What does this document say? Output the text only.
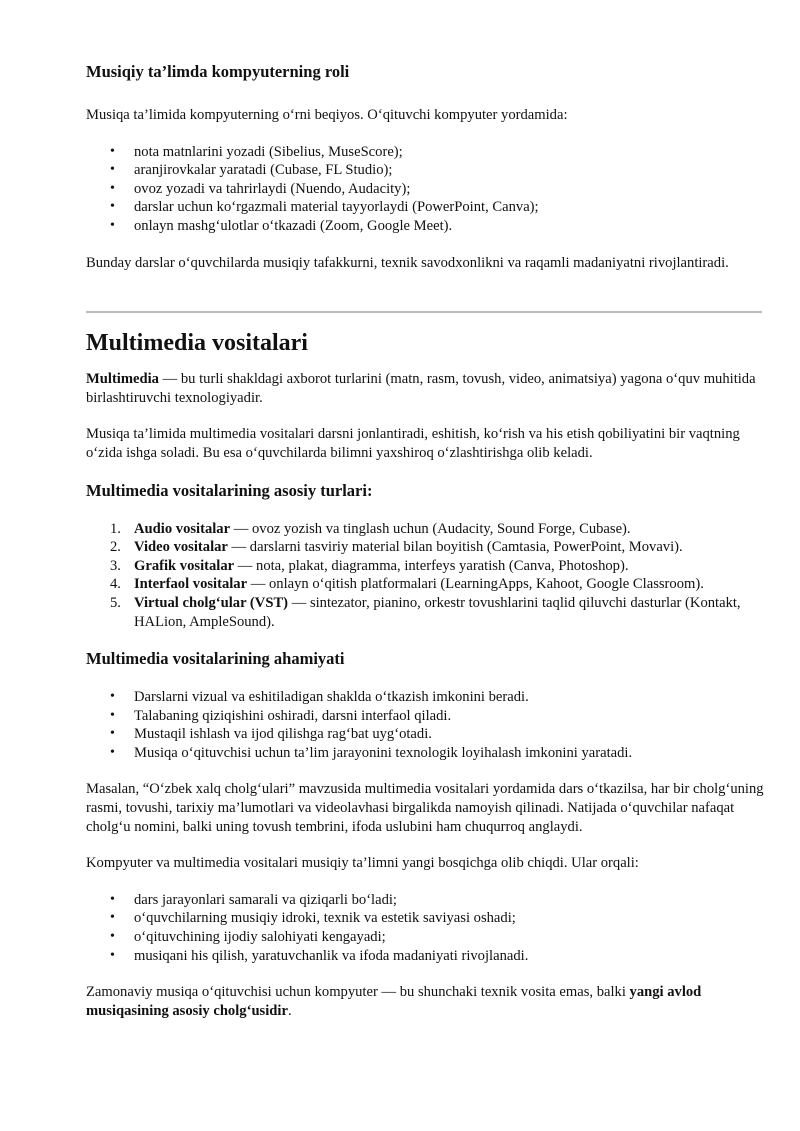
Musiqiy ta’limda kompyuterning roli

Musiqa ta’limida kompyuterning o‘rni beqiyos. O‘qituvchi kompyuter yordamida:

• nota matnlarini yozadi (Sibelius, MuseScore);
• aranjirovkalar yaratadi (Cubase, FL Studio);
• ovoz yozadi va tahrirlaydi (Nuendo, Audacity);
• darslar uchun ko‘rgazmali material tayyorlaydi (PowerPoint, Canva);
• onlayn mashg‘ulotlar o‘tkazadi (Zoom, Google Meet).

Bunday darslar o‘quvchilarda musiqiy tafakkurni, texnik savodxonlikni va raqamli madaniyatni rivojlantiradi.

Multimedia vositalari

Multimedia — bu turli shakldagi axborot turlarini (matn, rasm, tovush, video, animatsiya) yagona o‘quv muhitida birlashtiruvchi texnologiyadir.

Musiqa ta’limida multimedia vositalari darsni jonlantiradi, eshitish, ko‘rish va his etish qobiliyatini bir vaqtning o‘zida ishga soladi. Bu esa o‘quvchilarda bilimni yaxshiroq o‘zlashtirishga olib keladi.

Multimedia vositalarining asosiy turlari:
1. Audio vositalar — ovoz yozish va tinglash uchun (Audacity, Sound Forge, Cubase).
2. Video vositalar — darslarni tasviriy material bilan boyitish (Camtasia, PowerPoint, Movavi).
3. Grafik vositalar — nota, plakat, diagramma, interfeys yaratish (Canva, Photoshop).
4. Interfaol vositalar — onlayn o‘qitish platformalari (LearningApps, Kahoot, Google Classroom).
5. Virtual cholg‘ular (VST) — sintezator, pianino, orkestr tovushlarini taqlid qiluvchi dasturlar (Kontakt, HALion, AmpleSound).
Multimedia vositalarining ahamiyati
• Darslarni vizual va eshitiladigan shaklda o‘tkazish imkonini beradi.
• Talabaning qiziqishini oshiradi, darsni interfaol qiladi.
• Mustaqil ishlash va ijod qilishga rag‘bat uyg‘otadi.
• Musiqa o‘qituvchisi uchun ta’lim jarayonini texnologik loyihalash imkonini yaratadi.

Masalan, “O‘zbek xalq cholg‘ulari” mavzusida multimedia vositalari yordamida dars o‘tkazilsa, har bir cholg‘uning rasmi, tovushi, tarixiy ma’lumotlari va videolavhasi birgalikda namoyish qilinadi. Natijada o‘quvchilar nafaqat cholg‘u nomini, balki uning tovush tembrini, ifoda uslubini ham chuqurroq anglaydi.

Kompyuter va multimedia vositalari musiqiy ta’limni yangi bosqichga olib chiqdi. Ular orqali:

• dars jarayonlari samarali va qiziqarli bo‘ladi;
• o‘quvchilarning musiqiy idroki, texnik va estetik saviyasi oshadi;
• o‘qituvchining ijodiy salohiyati kengayadi;
• musiqani his qilish, yaratuvchanlik va ifoda madaniyati rivojlanadi.

Zamonaviy musiqa o‘qituvchisi uchun kompyuter — bu shunchaki texnik vosita emas, balki yangi avlod musiqasining asosiy cholg‘usidir.
